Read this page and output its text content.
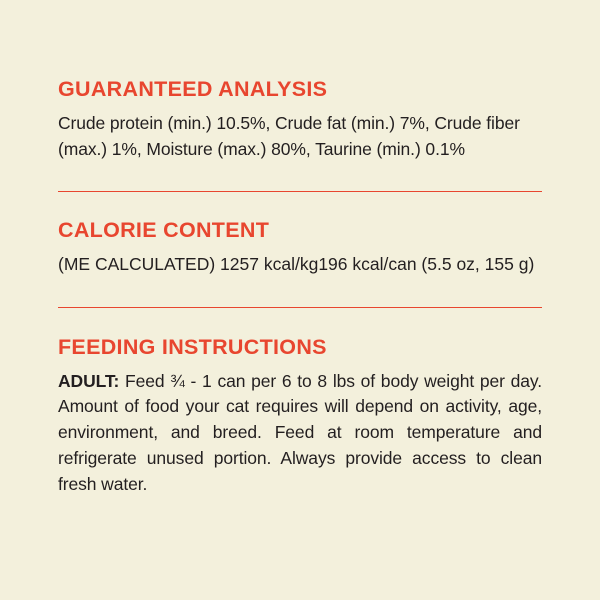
GUARANTEED ANALYSIS

Crude protein (min.) 10.5%, Crude fat (min.) 7%, Crude fiber (max.) 1%, Moisture (max.) 80%, Taurine (min.) 0.1%

CALORIE CONTENT

(ME CALCULATED) 1257 kcal/kg196 kcal/can (5.5 oz, 155 g)

FEEDING INSTRUCTIONS

ADULT: Feed ¾ - 1 can per 6 to 8 lbs of body weight per day. Amount of food your cat requires will depend on activity, age, environment, and breed. Feed at room temperature and refrigerate unused portion. Always provide access to clean fresh water.
